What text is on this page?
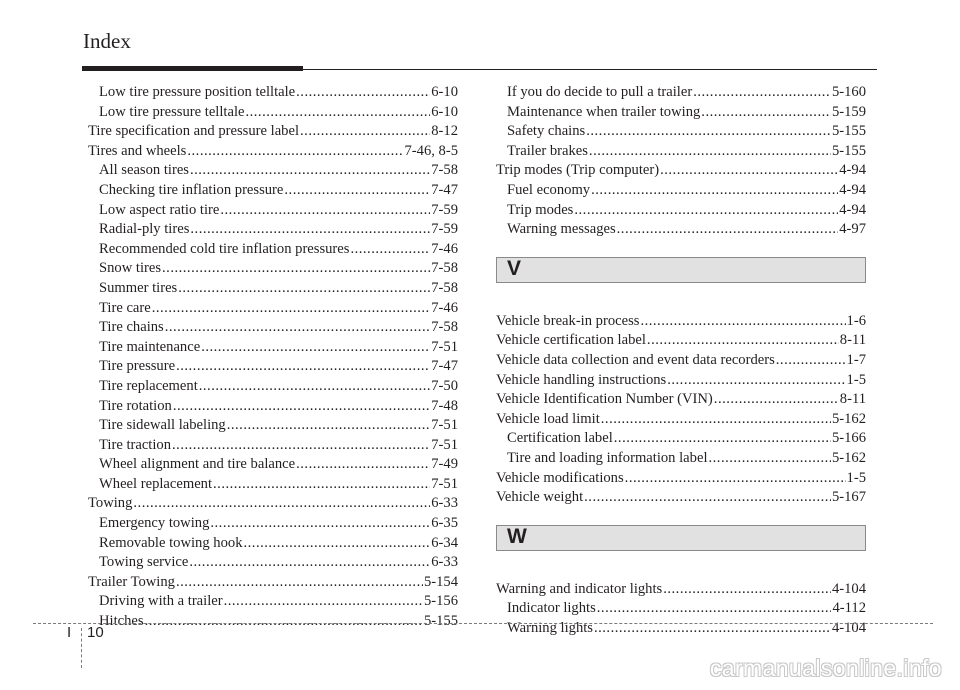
Index
Low tire pressure position telltale .....	6-10
Low tire pressure telltale .....	6-10
Tire specification and pressure label .....	8-12
Tires and wheels .....	7-46, 8-5
All season tires .....	7-58
Checking tire inflation pressure .....	7-47
Low aspect ratio tire .....	7-59
Radial-ply tires .....	7-59
Recommended cold tire inflation pressures .....	7-46
Snow tires .....	7-58
Summer tires .....	7-58
Tire care .....	7-46
Tire chains .....	7-58
Tire maintenance .....	7-51
Tire pressure .....	7-47
Tire replacement .....	7-50
Tire rotation .....	7-48
Tire sidewall labeling .....	7-51
Tire traction .....	7-51
Wheel alignment and tire balance .....	7-49
Wheel replacement .....	7-51
Towing .....	6-33
Emergency towing .....	6-35
Removable towing hook .....	6-34
Towing service .....	6-33
Trailer Towing .....	5-154
Driving with a trailer .....	5-156
Hitches .....	5-155
If you do decide to pull a trailer .....	5-160
Maintenance when trailer towing .....	5-159
Safety chains .....	5-155
Trailer brakes .....	5-155
Trip modes (Trip computer) .....	4-94
Fuel economy .....	4-94
Trip modes .....	4-94
Warning messages .....	4-97
V
Vehicle break-in process .....	1-6
Vehicle certification label .....	8-11
Vehicle data collection and event data recorders .....	1-7
Vehicle handling instructions .....	1-5
Vehicle Identification Number (VIN) .....	8-11
Vehicle load limit .....	5-162
Certification label .....	5-166
Tire and loading information label .....	5-162
Vehicle modifications .....	1-5
Vehicle weight .....	5-167
W
Warning and indicator lights .....	4-104
Indicator lights .....	4-112
Warning lights .....	4-104
I 10
carmanualsonline.info
